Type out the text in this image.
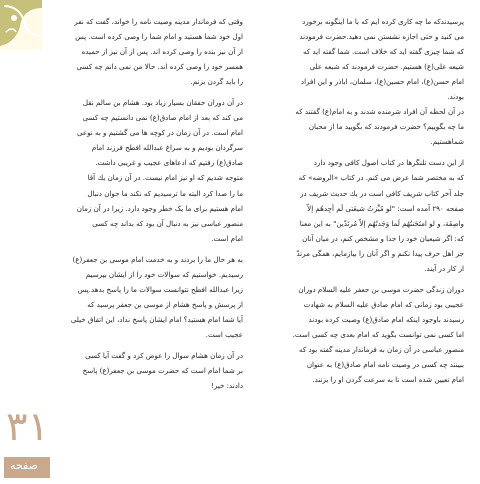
پرسيدندكه ما چه كارى كرده ايم كه با ما اينگونه برخورد
مى كنيد و حتى اجازه نشستن نمى دهيد.حضرت فرمودند
كه شما چيزى گفته ايد كه خلاف است. شما گفته ايد كه
شيعه على(ع) هستيم. حضرت فرمودند كه شيعه على
امام حسن(ع)، امام حسين(ع)، سلمان، اباذر و اين افراد
بودند.
در آن لحظه آن افراد شرمنده شدند و به امام(ع) گفتند كه
ما چه بگوييم؟ حضرت فرمودند كه بگوييد ما از محبان
شماهستيم.
از اين دست تلنگرها در كتاب اصول كافى وجود دارد
كه به مختصر شما عرض مى كنم. در كتاب «الروضه» كه
جلد آخر كتاب شريف كافى است در يك حديث شريف در
صفحه ٢٩٠ آمده است: "لو مُيِّزتُ شيعَتى لَم أجِدهُم إلاّ
واصِفَة، و لو امتَحَنتُهُم لَما وَجَدتُهُم إلاّ مُرتَدّين" به اين معنا
كه: اگر شيعيان خود را جدا و مشخص كنم، در ميان آنان
جز اهل حرف پيدا نكنم و اگر آنان را بيازمايم، همگى مرتدّ
از كار در آيند.
دوران زندگى حضرت موسى بن جعفر عليه السلام دوران
عجيبى بود زمانى كه امام صادق عليه السلام به شهادت
رسيدند باوجود اينكه امام صادق(ع) وصيت كرده بودند
اما كسى نمى توانست بگويد كه امام بعدى چه كسى است.
منصور عباسى در آن زمان به فرماندار مدينه گفته بود كه
ببينند چه كسى در وصيت نامه امام صادق(ع) به عنوان
امام تعيين شده است تا به سرعت گردن او را بزنند.
وقتى كه فرماندار مدينه وصيت نامه را خواند، گفت كه نفر
اول خود شما هستيد و امام شما را وصى كرده است. پس
از آن نيز بنده را وصى كرده اند. پس از آن نيز از حميده
همسر خود را وصى كرده اند. حالا من نمى دانم چه كسى
را بايد گردن بزنم.
در آن دوران خفقان بسيار زياد بود. هشام بن سالم نقل
مى كند كه بعد از امام صادق(ع) نمى دانستيم چه كسى
امام است. در آن زمان در كوچه ها مى گشتيم و به نوعى
سرگردان بوديم و به سراغ عبدالله افطح فرزند امام
صادق(ع) رفتيم كه ادعاهاى عجيب و غريبى داشت.
متوجه شديم كه او نيز امام نيست. در آن زمان يك آقا
ما را صدا كرد البته ما ترسيديم كه نكند ما جوان دنبال
امام هستيم براى ما يک خطر وجود دارد. زيرا در آن زمان
منصور عباسى نيز به دنبال آن بود كه بداند چه كسى
امام است.
به هر حال ما را بردند و به خدمت امام موسى بن جعفر(ع)
رسيديم. خواستيم كه سوالات خود را از ايشان بپرسيم
زيرا عبدالله افطح نتوانست سوالات ما را پاسخ بدهد.پس
از پرسش و پاسخ هشام از موسى بن جعفر پرسيد كه
آيا شما امام هستيد؟ امام ايشان پاسخ نداد، اين اتفاق خيلى
عجيب است.
در آن زمان هشام سوال را عوض كرد و گفت آيا كسى
بر شما امام است كه حضرت موسى بن جعفر(ع) پاسخ
دادند: خير!
٣١
صفحه
